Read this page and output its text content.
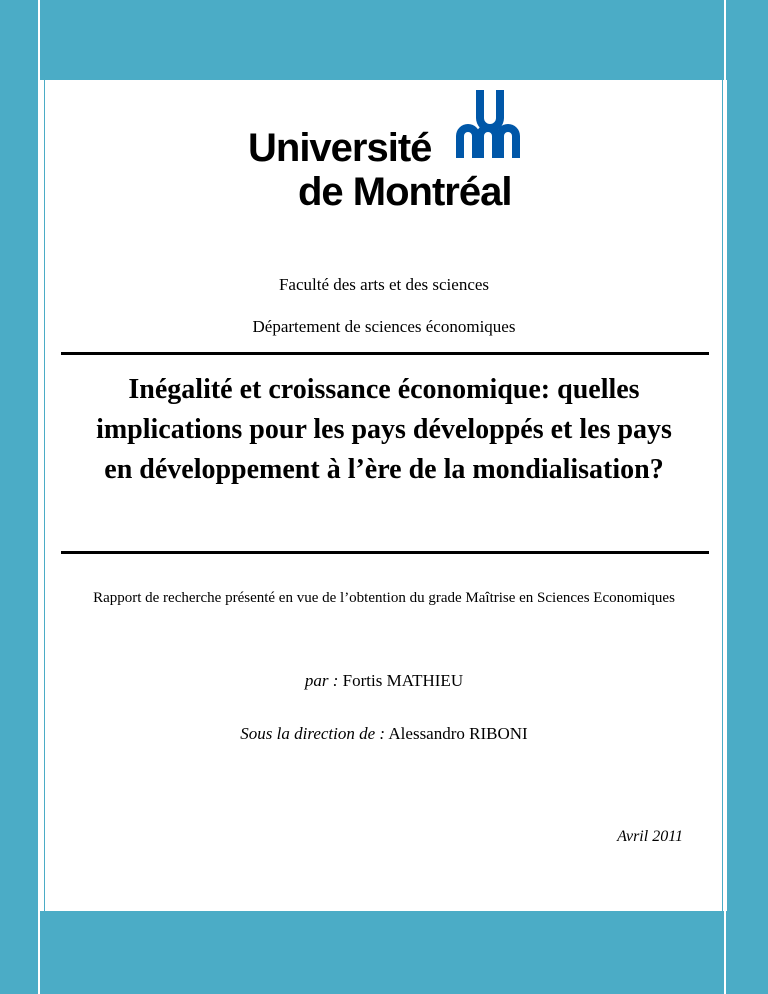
Université
de Montréal
Faculté des arts et des sciences
Département de sciences économiques
Inégalité et croissance économique: quelles implications pour les pays développés et les pays en développement à l’ère de la mondialisation?
Rapport de recherche présenté en vue de l’obtention du grade Maîtrise en Sciences Economiques
par : Fortis MATHIEU
Sous la direction de : Alessandro RIBONI
Avril 2011
